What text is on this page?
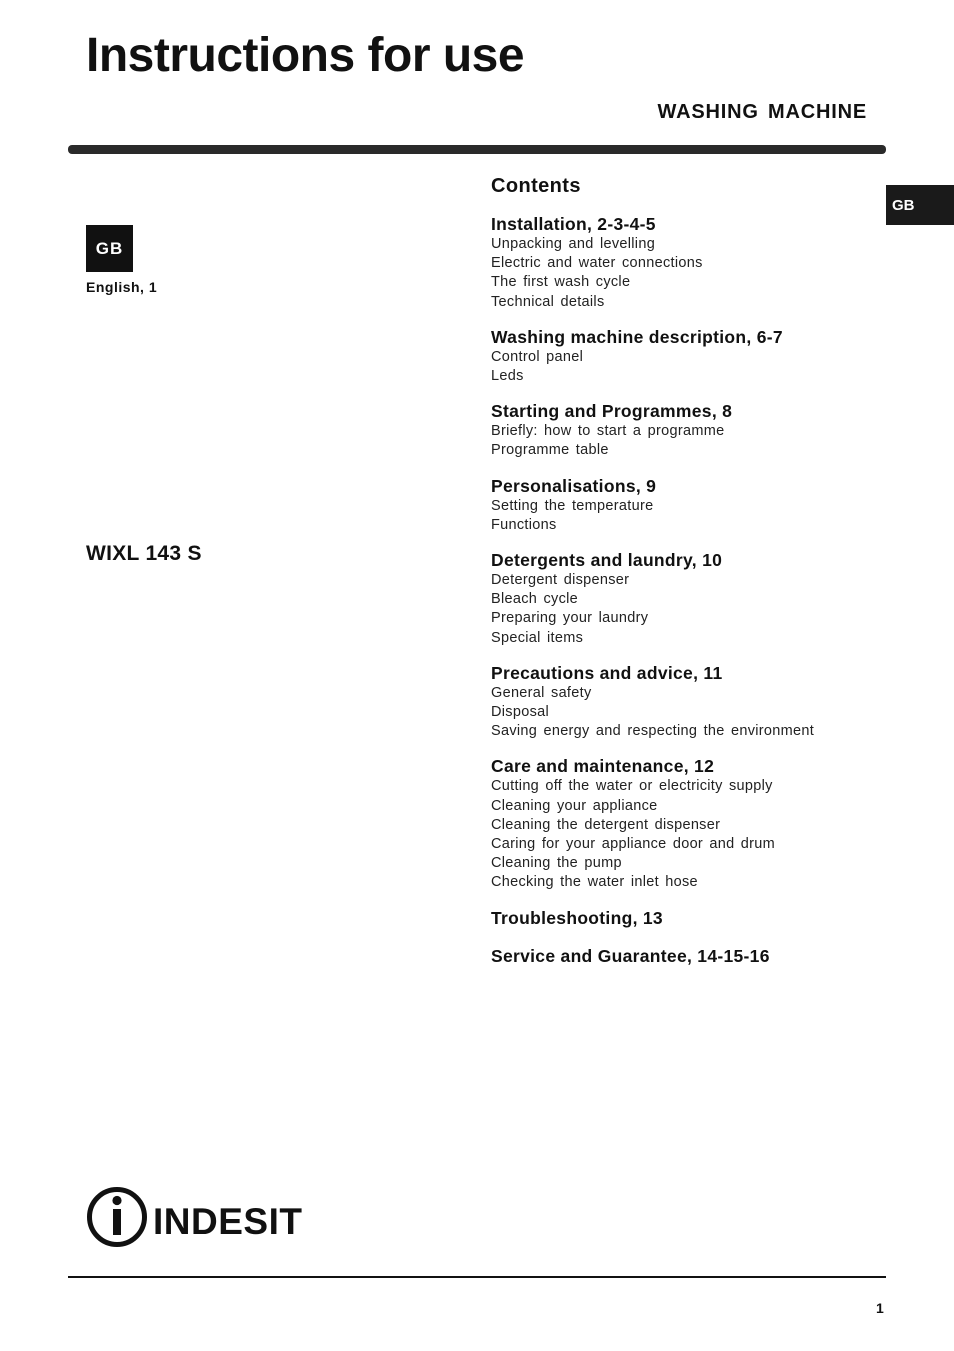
Instructions for use
WASHING MACHINE
GB
GB
English, 1
WIXL 143 S
Contents
Installation, 2-3-4-5
Unpacking and levelling
Electric and water connections
The first wash cycle
Technical details
Washing machine description, 6-7
Control panel
Leds
Starting and Programmes, 8
Briefly: how to start a programme
Programme table
Personalisations, 9
Setting the temperature
Functions
Detergents and laundry, 10
Detergent dispenser
Bleach cycle
Preparing your laundry
Special items
Precautions and advice, 11
General safety
Disposal
Saving energy and respecting the environment
Care and maintenance, 12
Cutting off the water or electricity supply
Cleaning your appliance
Cleaning the detergent dispenser
Caring for your appliance door and drum
Cleaning the pump
Checking the water inlet hose
Troubleshooting, 13
Service and Guarantee, 14-15-16
INDESIT
1
